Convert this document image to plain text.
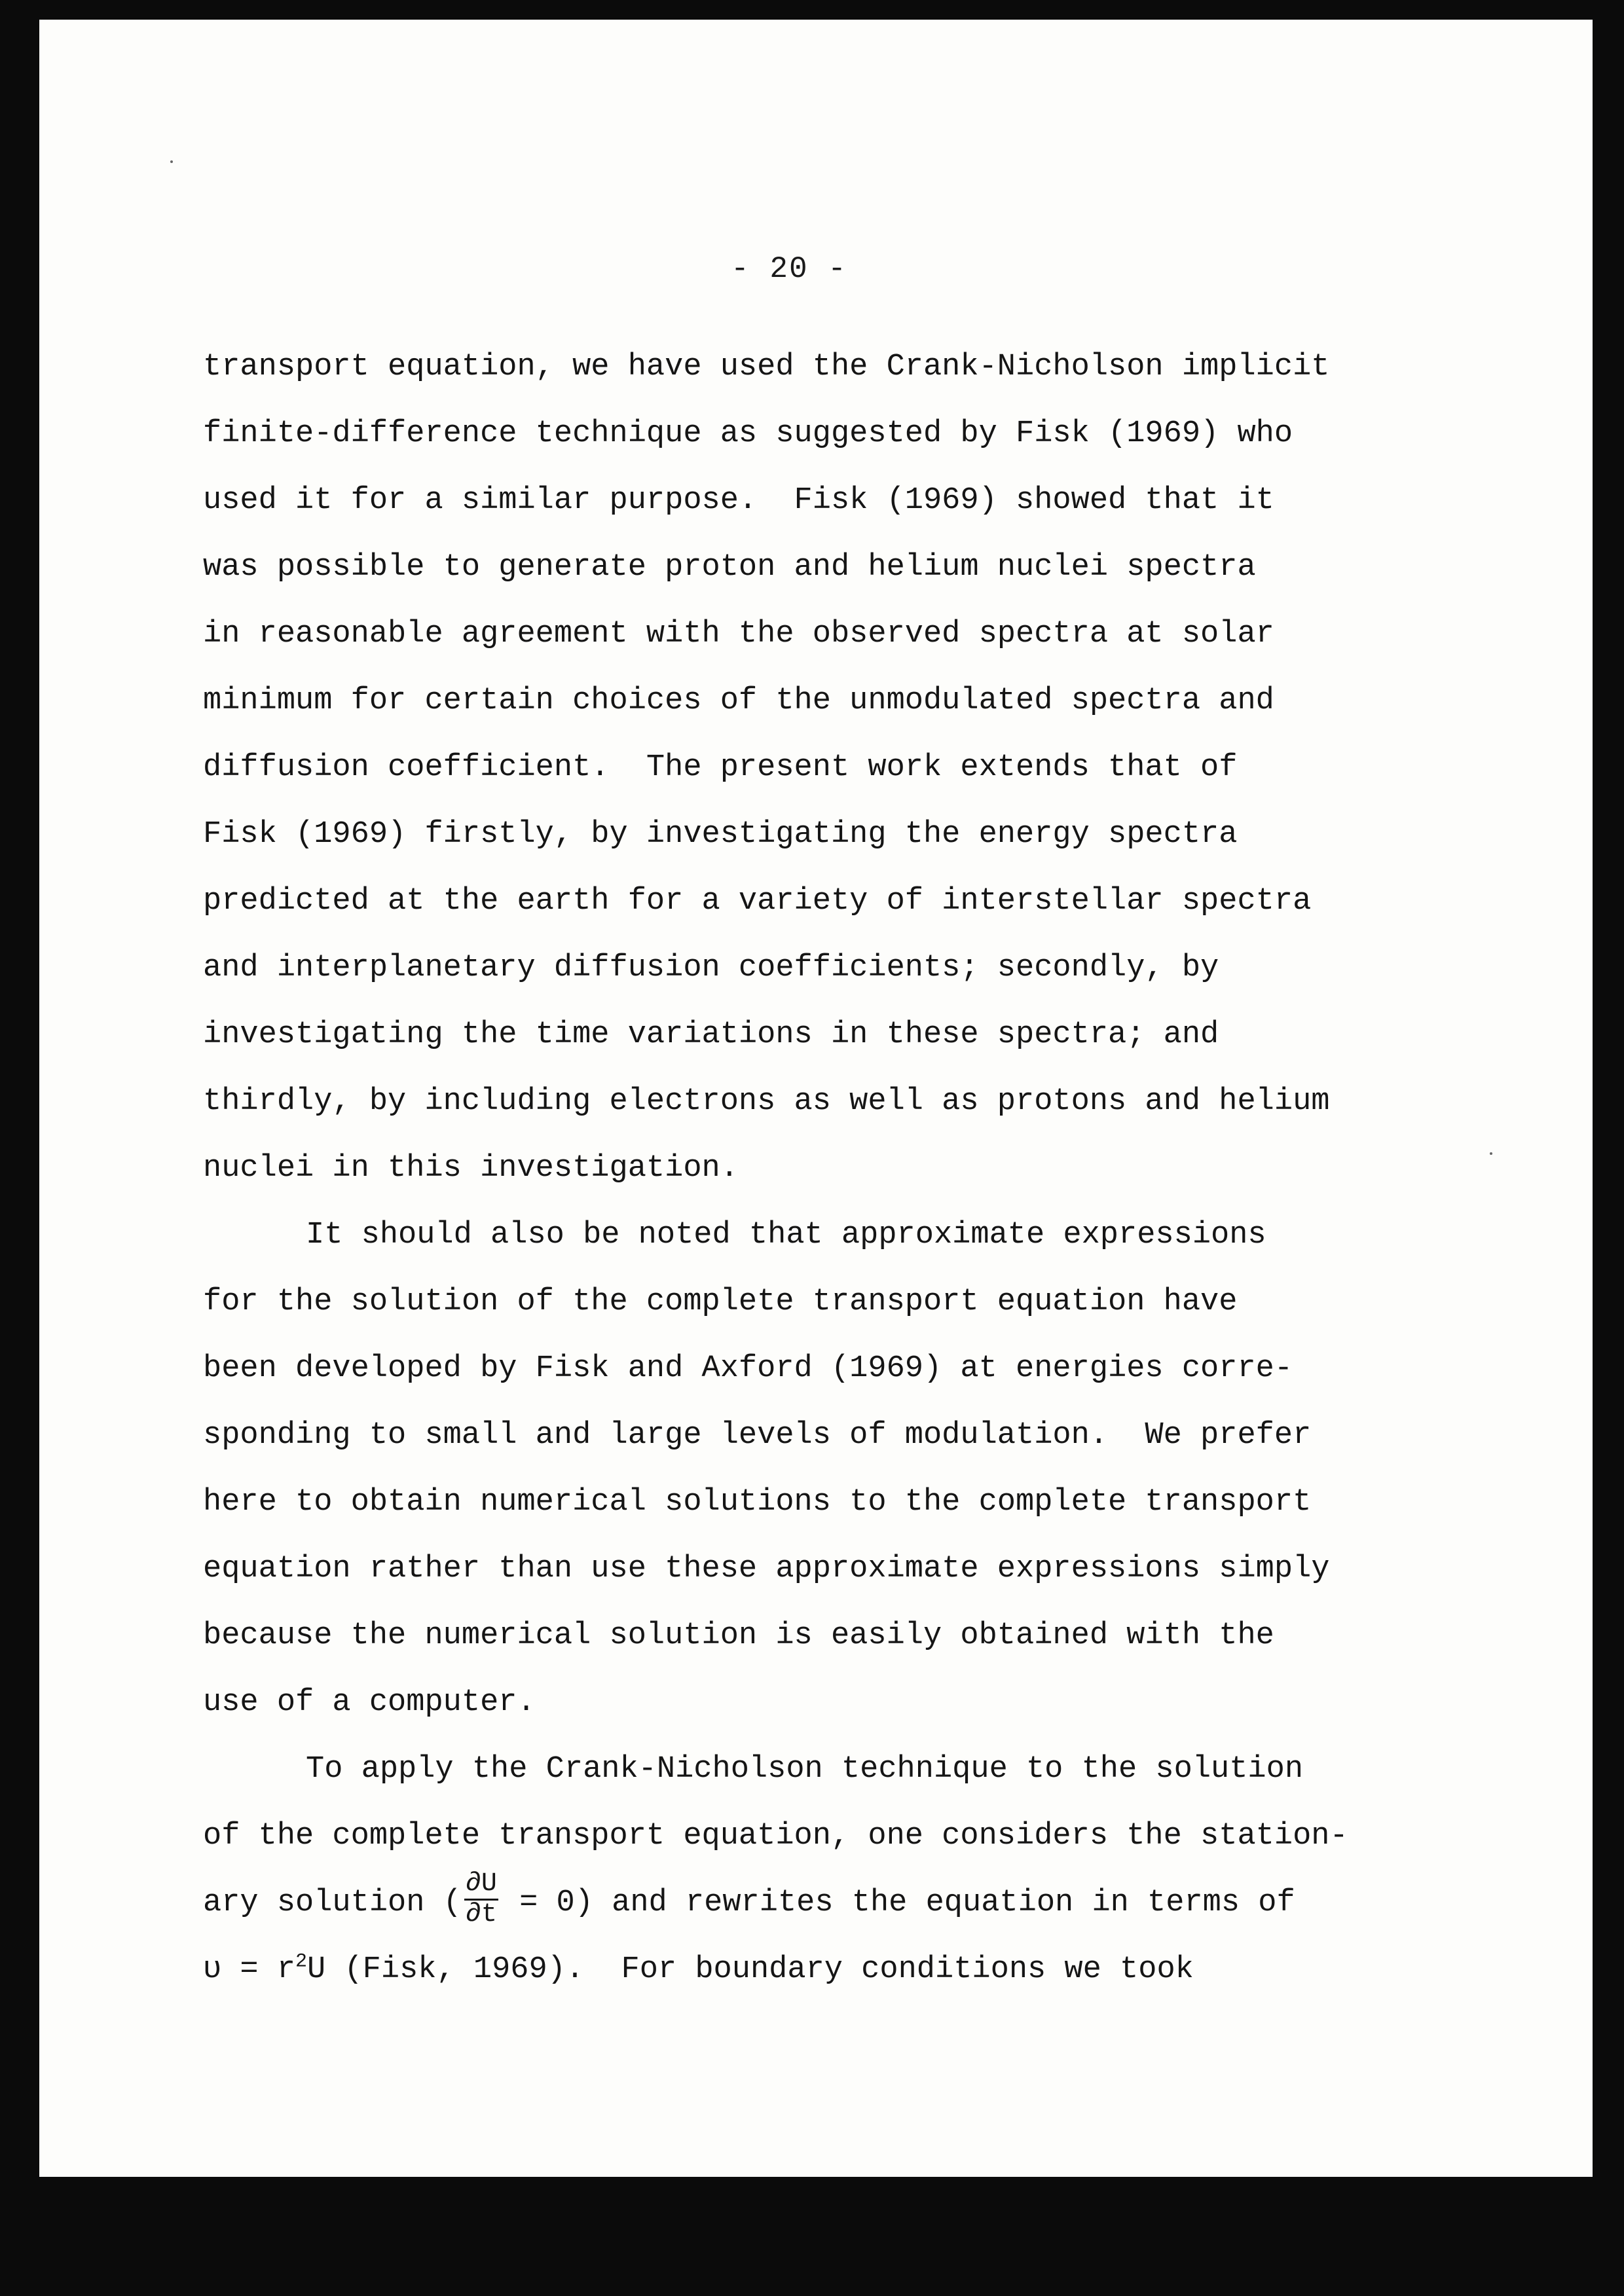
- 20 -
transport equation, we have used the Crank-Nicholson implicit
finite-difference technique as suggested by Fisk (1969) who
used it for a similar purpose.  Fisk (1969) showed that it
was possible to generate proton and helium nuclei spectra
in reasonable agreement with the observed spectra at solar
minimum for certain choices of the unmodulated spectra and
diffusion coefficient.  The present work extends that of
Fisk (1969) firstly, by investigating the energy spectra
predicted at the earth for a variety of interstellar spectra
and interplanetary diffusion coefficients; secondly, by
investigating the time variations in these spectra; and
thirdly, by including electrons as well as protons and helium
nuclei in this investigation.
It should also be noted that approximate expressions
for the solution of the complete transport equation have
been developed by Fisk and Axford (1969) at energies corre-
sponding to small and large levels of modulation.  We prefer
here to obtain numerical solutions to the complete transport
equation rather than use these approximate expressions simply
because the numerical solution is easily obtained with the
use of a computer.
To apply the Crank-Nicholson technique to the solution
of the complete transport equation, one considers the station-
ary solution ( $\frac{\partial U}{\partial t} = 0$) and rewrites the equation in terms of
$\upsilon = r^2U$ (Fisk, 1969).  For boundary conditions we took
